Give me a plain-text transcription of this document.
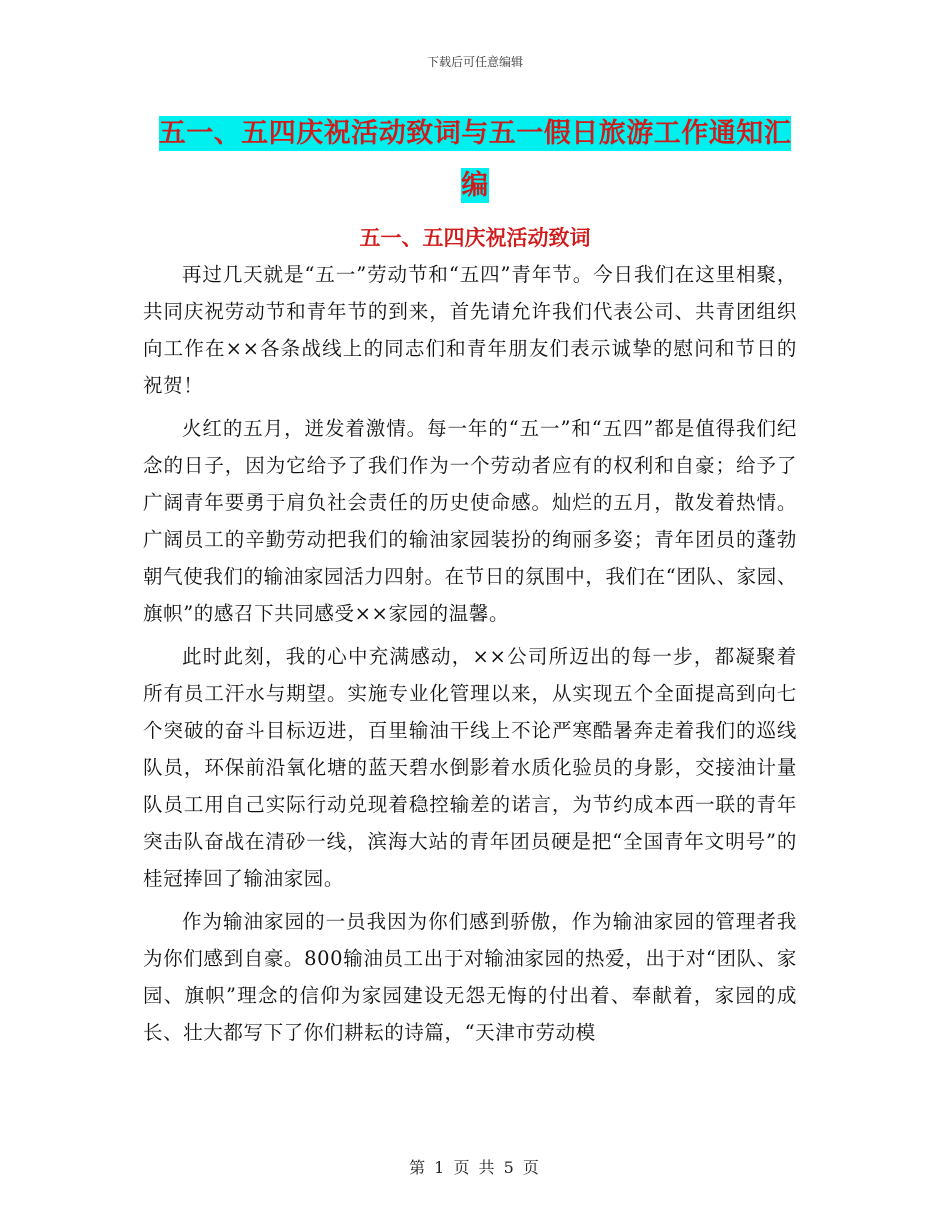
下载后可任意编辑
五一、五四庆祝活动致词与五一假日旅游工作通知汇
编
五一、五四庆祝活动致词

再过几天就是“五一”劳动节和“五四”青年节。今日我们在这里相聚，共同庆祝劳动节和青年节的到来，首先请允许我们代表公司、共青团组织向工作在××各条战线上的同志们和青年朋友们表示诚挚的慰问和节日的祝贺！

火红的五月，迸发着激情。每一年的“五一”和“五四”都是值得我们纪念的日子，因为它给予了我们作为一个劳动者应有的权利和自豪；给予了广阔青年要勇于肩负社会责任的历史使命感。灿烂的五月，散发着热情。广阔员工的辛勤劳动把我们的输油家园装扮的绚丽多姿；青年团员的蓬勃朝气使我们的输油家园活力四射。在节日的氛围中，我们在“团队、家园、旗帜”的感召下共同感受××家园的温馨。

此时此刻，我的心中充满感动，××公司所迈出的每一步，都凝聚着所有员工汗水与期望。实施专业化管理以来，从实现五个全面提高到向七个突破的奋斗目标迈进，百里输油干线上不论严寒酷暑奔走着我们的巡线队员，环保前沿氧化塘的蓝天碧水倒影着水质化验员的身影，交接油计量队员工用自己实际行动兑现着稳控输差的诺言，为节约成本西一联的青年突击队奋战在清砂一线，滨海大站的青年团员硬是把“全国青年文明号”的桂冠捧回了输油家园。

作为输油家园的一员我因为你们感到骄傲，作为输油家园的管理者我为你们感到自豪。800输油员工出于对输油家园的热爱，出于对“团队、家园、旗帜”理念的信仰为家园建设无怨无悔的付出着、奉献着，家园的成长、壮大都写下了你们耕耘的诗篇，“天津市劳动模

第 1 页 共 5 页
